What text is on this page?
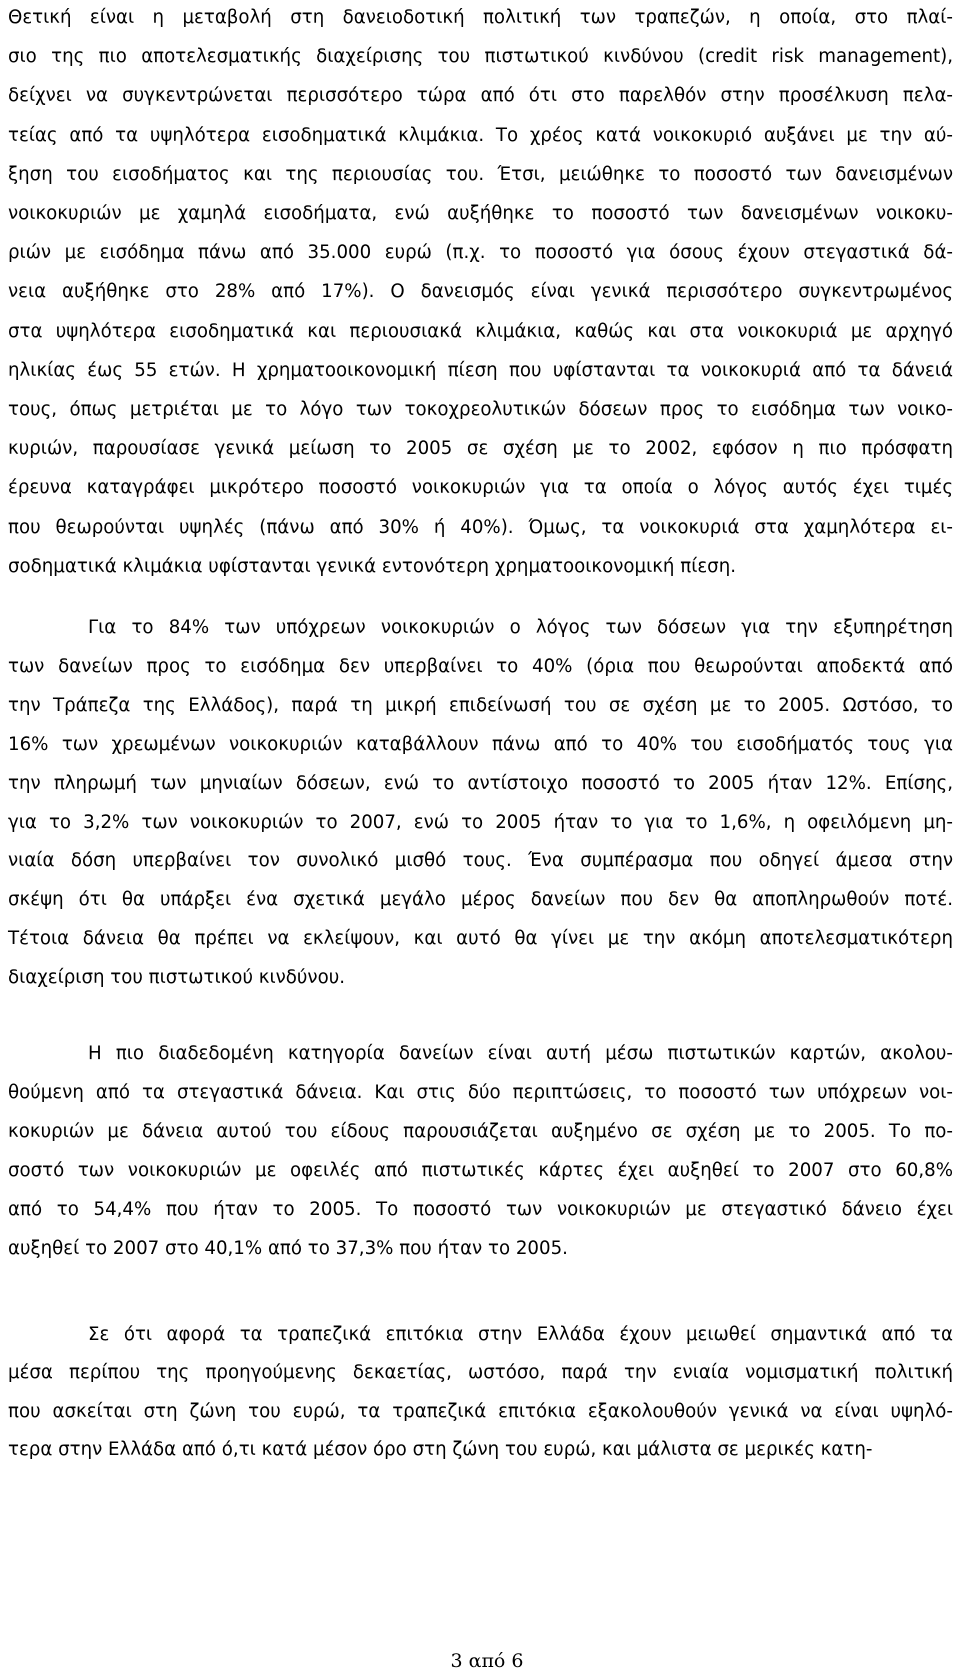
Θετική είναι η μεταβολή στη δανειοδοτική πολιτική των τραπεζών, η οποία, στο πλαί-
σιο της πιο αποτελεσματικής διαχείρισης του πιστωτικού κινδύνου (credit risk management),
δείχνει να συγκεντρώνεται περισσότερο τώρα από ότι στο παρελθόν στην προσέλκυση πελα-
τείας από τα υψηλότερα εισοδηματικά κλιμάκια. Το χρέος κατά νοικοκυριό αυξάνει με την αύ-
ξηση του εισοδήματος και της περιουσίας του. Έτσι, μειώθηκε το ποσοστό των δανεισμένων
νοικοκυριών με χαμηλά εισοδήματα, ενώ αυξήθηκε το ποσοστό των δανεισμένων νοικοκυ-
ριών με εισόδημα πάνω από 35.000 ευρώ (π.χ. το ποσοστό για όσους έχουν στεγαστικά δά-
νεια αυξήθηκε στο 28% από 17%). Ο δανεισμός είναι γενικά περισσότερο συγκεντρωμένος
στα υψηλότερα εισοδηματικά και περιουσιακά κλιμάκια, καθώς και στα νοικοκυριά με αρχηγό
ηλικίας έως 55 ετών. Η χρηματοοικονομική πίεση που υφίστανται τα νοικοκυριά από τα δάνειά
τους, όπως μετριέται με το λόγο των τοκοχρεολυτικών δόσεων προς το εισόδημα των νοικο-
κυριών, παρουσίασε γενικά μείωση το 2005 σε σχέση με το 2002, εφόσον η πιο πρόσφατη
έρευνα καταγράφει μικρότερο ποσοστό νοικοκυριών για τα οποία ο λόγος αυτός έχει τιμές
που θεωρούνται υψηλές (πάνω από 30% ή 40%). Όμως, τα νοικοκυριά στα χαμηλότερα ει-
σοδηματικά κλιμάκια υφίστανται γενικά εντονότερη χρηματοοικονομική πίεση.
Για το 84% των υπόχρεων νοικοκυριών ο λόγος των δόσεων για την εξυπηρέτηση
των δανείων προς το εισόδημα δεν υπερβαίνει το 40% (όρια που θεωρούνται αποδεκτά από
την Τράπεζα της Ελλάδος), παρά τη μικρή επιδείνωσή του σε σχέση με το 2005. Ωστόσο, το
16% των χρεωμένων νοικοκυριών καταβάλλουν πάνω από το 40% του εισοδήματός τους για
την πληρωμή των μηνιαίων δόσεων, ενώ το αντίστοιχο ποσοστό το 2005 ήταν 12%. Επίσης,
για το 3,2% των νοικοκυριών το 2007, ενώ το 2005 ήταν το για το 1,6%, η οφειλόμενη μη-
νιαία δόση υπερβαίνει τον συνολικό μισθό τους. Ένα συμπέρασμα που οδηγεί άμεσα στην
σκέψη ότι θα υπάρξει ένα σχετικά μεγάλο μέρος δανείων που δεν θα αποπληρωθούν ποτέ.
Τέτοια δάνεια θα πρέπει να εκλείψουν, και αυτό θα γίνει με την ακόμη αποτελεσματικότερη
διαχείριση του πιστωτικού κινδύνου.
Η πιο διαδεδομένη κατηγορία δανείων είναι αυτή μέσω πιστωτικών καρτών, ακολου-
θούμενη από τα στεγαστικά δάνεια. Και στις δύο περιπτώσεις, το ποσοστό των υπόχρεων νοι-
κοκυριών με δάνεια αυτού του είδους παρουσιάζεται αυξημένο σε σχέση με το 2005. Το πο-
σοστό των νοικοκυριών με οφειλές από πιστωτικές κάρτες έχει αυξηθεί το 2007 στο 60,8%
από το 54,4% που ήταν το 2005. Το ποσοστό των νοικοκυριών με στεγαστικό δάνειο έχει
αυξηθεί το 2007 στο 40,1% από το 37,3% που ήταν το 2005.
Σε ότι αφορά τα τραπεζικά επιτόκια στην Ελλάδα έχουν μειωθεί σημαντικά από τα
μέσα περίπου της προηγούμενης δεκαετίας, ωστόσο, παρά την ενιαία νομισματική πολιτική
που ασκείται στη ζώνη του ευρώ, τα τραπεζικά επιτόκια εξακολουθούν γενικά να είναι υψηλό-
τερα στην Ελλάδα από ό,τι κατά μέσον όρο στη ζώνη του ευρώ, και μάλιστα σε μερικές κατη-
3 από 6
